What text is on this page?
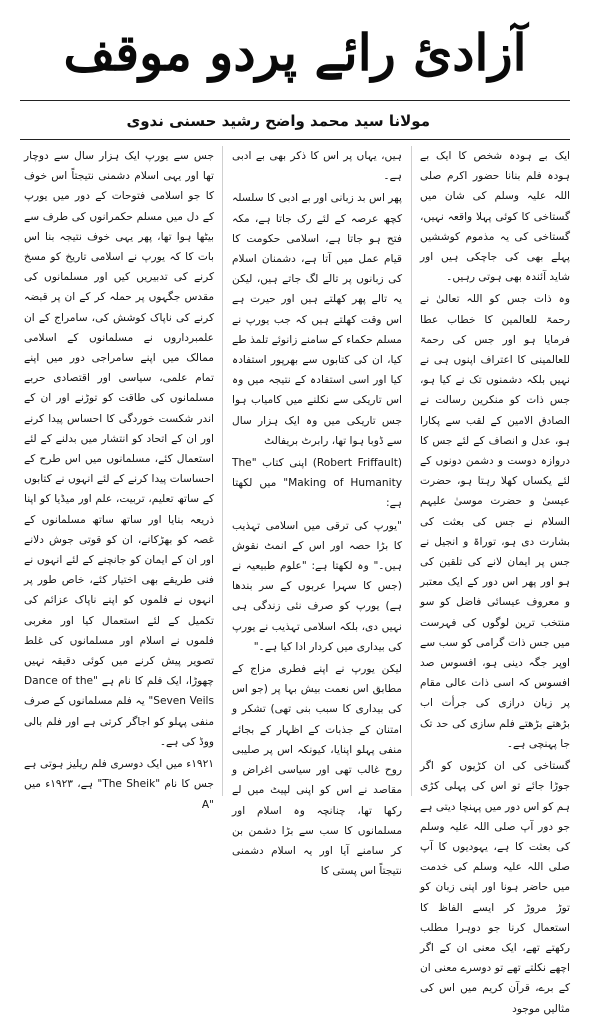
آزادیٔ رائے پردو موقف
مولانا سید محمد واضح رشید حسنی ندوی

ایک بے ہودہ شخص کا ایک بے ہودہ فلم بنانا حضور اکرم صلی اللہ علیہ وسلم کی شان میں گستاخی کا کوئی پہلا واقعہ نہیں، گستاخی کی یہ مذموم کوششیں پہلے بھی کی جاچکی ہیں اور شاید آئندہ بھی ہوتی رہیں۔

وہ ذات جس کو اللہ تعالیٰ نے رحمۃ للعالمین کا خطاب عطا فرمایا ہو اور جس کی رحمۃ للعالمینی کا اعتراف اپنوں ہی نے نہیں بلکہ دشمنوں تک نے کیا ہو، جس ذات کو منکرین رسالت نے الصادق الامین کے لقب سے پکارا ہو، عدل و انصاف کے لئے جس کا دروازہ دوست و دشمن دونوں کے لئے یکساں کھلا رہتا ہو، حضرت عیسیٰ و حضرت موسیٰ علیہم السلام نے جس کی بعثت کی بشارت دی ہو، توراۃ و انجیل نے جس پر ایمان لانے کی تلقین کی ہو اور پھر اس دور کے ایک معتبر و معروف عیسائی فاضل کو سو منتخب ترین لوگوں کی فہرست میں جس ذات گرامی کو سب سے اوپر جگہ دینی ہو، افسوس صد افسوس کہ اسی ذات عالی مقام پر زبان درازی کی جرأت اب بڑھتے بڑھتے فلم سازی کی حد تک جا پہنچی ہے۔

گستاخی کی ان کڑیوں کو اگر جوڑا جائے تو اس کی پہلی کڑی ہم کو اس دور میں پہنچا دیتی ہے جو دور آپ صلی اللہ علیہ وسلم کی بعثت کا ہے، یہودیوں کا آپ صلی اللہ علیہ وسلم کی خدمت میں حاضر ہونا اور اپنی زبان کو توڑ مروڑ کر ایسے الفاظ کا استعمال کرنا جو دوہرا مطلب رکھتے تھے، ایک معنی ان کے اگر اچھے نکلتے تھے تو دوسرے معنی ان کے برے، قرآن کریم میں اس کی مثالیں موجود

ہیں، یہاں پر اس کا ذکر بھی بے ادبی ہے۔

پھر اس بد زبانی اور بے ادبی کا سلسلہ کچھ عرصہ کے لئے رک جاتا ہے، مکہ فتح ہو جاتا ہے، اسلامی حکومت کا قیام عمل میں آتا ہے، دشمنان اسلام کی زبانوں پر تالے لگ جاتے ہیں، لیکن یہ تالے پھر کھلتے ہیں اور حیرت ہے اس وقت کھلتے ہیں کہ جب یورپ نے مسلم حکماء کے سامنے زانوئے تلمذ طے کیا، ان کی کتابوں سے بھرپور استفادہ کیا اور اسی استفادہ کے نتیجہ میں وہ اس تاریکی سے نکلنے میں کامیاب ہوا جس تاریکی میں وہ ایک ہزار سال سے ڈوبا ہوا تھا، رابرٹ بریفالٹ

(Robert Friffault) اپنی کتاب "The Making of Humanity" میں لکھتا ہے:

"یورپ کی ترقی میں اسلامی تہذیب کا بڑا حصہ اور اس کے انمٹ نقوش ہیں۔" وہ لکھتا ہے: "علوم طبیعیہ نے (جس کا سہرا عربوں کے سر بندھا ہے) یورپ کو صرف نئی زندگی ہی نہیں دی، بلکہ اسلامی تہذیب نے یورپ کی بیداری میں کردار ادا کیا ہے۔"

لیکن یورپ نے اپنے فطری مزاج کے مطابق اس نعمت بیش بہا پر (جو اس کی بیداری کا سبب بنی تھی) تشکر و امتنان کے جذبات کے اظہار کے بجائے منفی پہلو اپنایا، کیونکہ اس پر صلیبی روح غالب تھی اور سیاسی اغراض و مقاصد نے اس کو اپنی لپیٹ میں لے رکھا تھا، چنانچہ وہ اسلام اور مسلمانوں کا سب سے بڑا دشمن بن کر سامنے آیا اور یہ اسلام دشمنی نتیجتاً اس پستی کا

جس سے یورپ ایک ہزار سال سے دوچار تھا اور یہی اسلام دشمنی نتیجتاً اس خوف کا جو اسلامی فتوحات کے دور میں یورپ کے دل میں مسلم حکمرانوں کی طرف سے بیٹھا ہوا تھا، پھر یہی خوف نتیجہ بنا اس بات کا کہ یورپ نے اسلامی تاریخ کو مسخ کرنے کی تدبیریں کیں اور مسلمانوں کی مقدس جگہوں پر حملہ کر کے ان پر قبضہ کرنے کی ناپاک کوشش کی، سامراج کے ان علمبرداروں نے مسلمانوں کے اسلامی ممالک میں اپنے سامراجی دور میں اپنے تمام علمی، سیاسی اور اقتصادی حربے مسلمانوں کی طاقت کو توڑنے اور ان کے اندر شکست خوردگی کا احساس پیدا کرنے اور ان کے اتحاد کو انتشار میں بدلنے کے لئے استعمال کئے، مسلمانوں میں اس طرح کے احساسات پیدا کرنے کے لئے انہوں نے کتابوں کے ساتھ تعلیم، تربیت، علم اور میڈیا کو اپنا ذریعہ بنایا اور ساتھ ساتھ مسلمانوں کے غصہ کو بھڑکانے، ان کو قوتی جوش دلانے اور ان کے ایمان کو جانچنے کے لئے انہوں نے فنی طریقے بھی اختیار کئے، خاص طور پر انہوں نے فلموں کو اپنے ناپاک عزائم کی تکمیل کے لئے استعمال کیا اور مغربی فلموں نے اسلام اور مسلمانوں کی غلط تصویر پیش کرنے میں کوئی دقیقہ نہیں چھوڑا، ایک فلم کا نام ہے "Dance of the Seven Veils" یہ فلم مسلمانوں کے صرف منفی پہلو کو اجاگر کرتی ہے اور فلم بالی ووڈ کی ہے۔

۱۹۲۱ء میں ایک دوسری فلم ریلیز ہوتی ہے جس کا نام "The Sheik" ہے، ۱۹۲۳ء میں "A
